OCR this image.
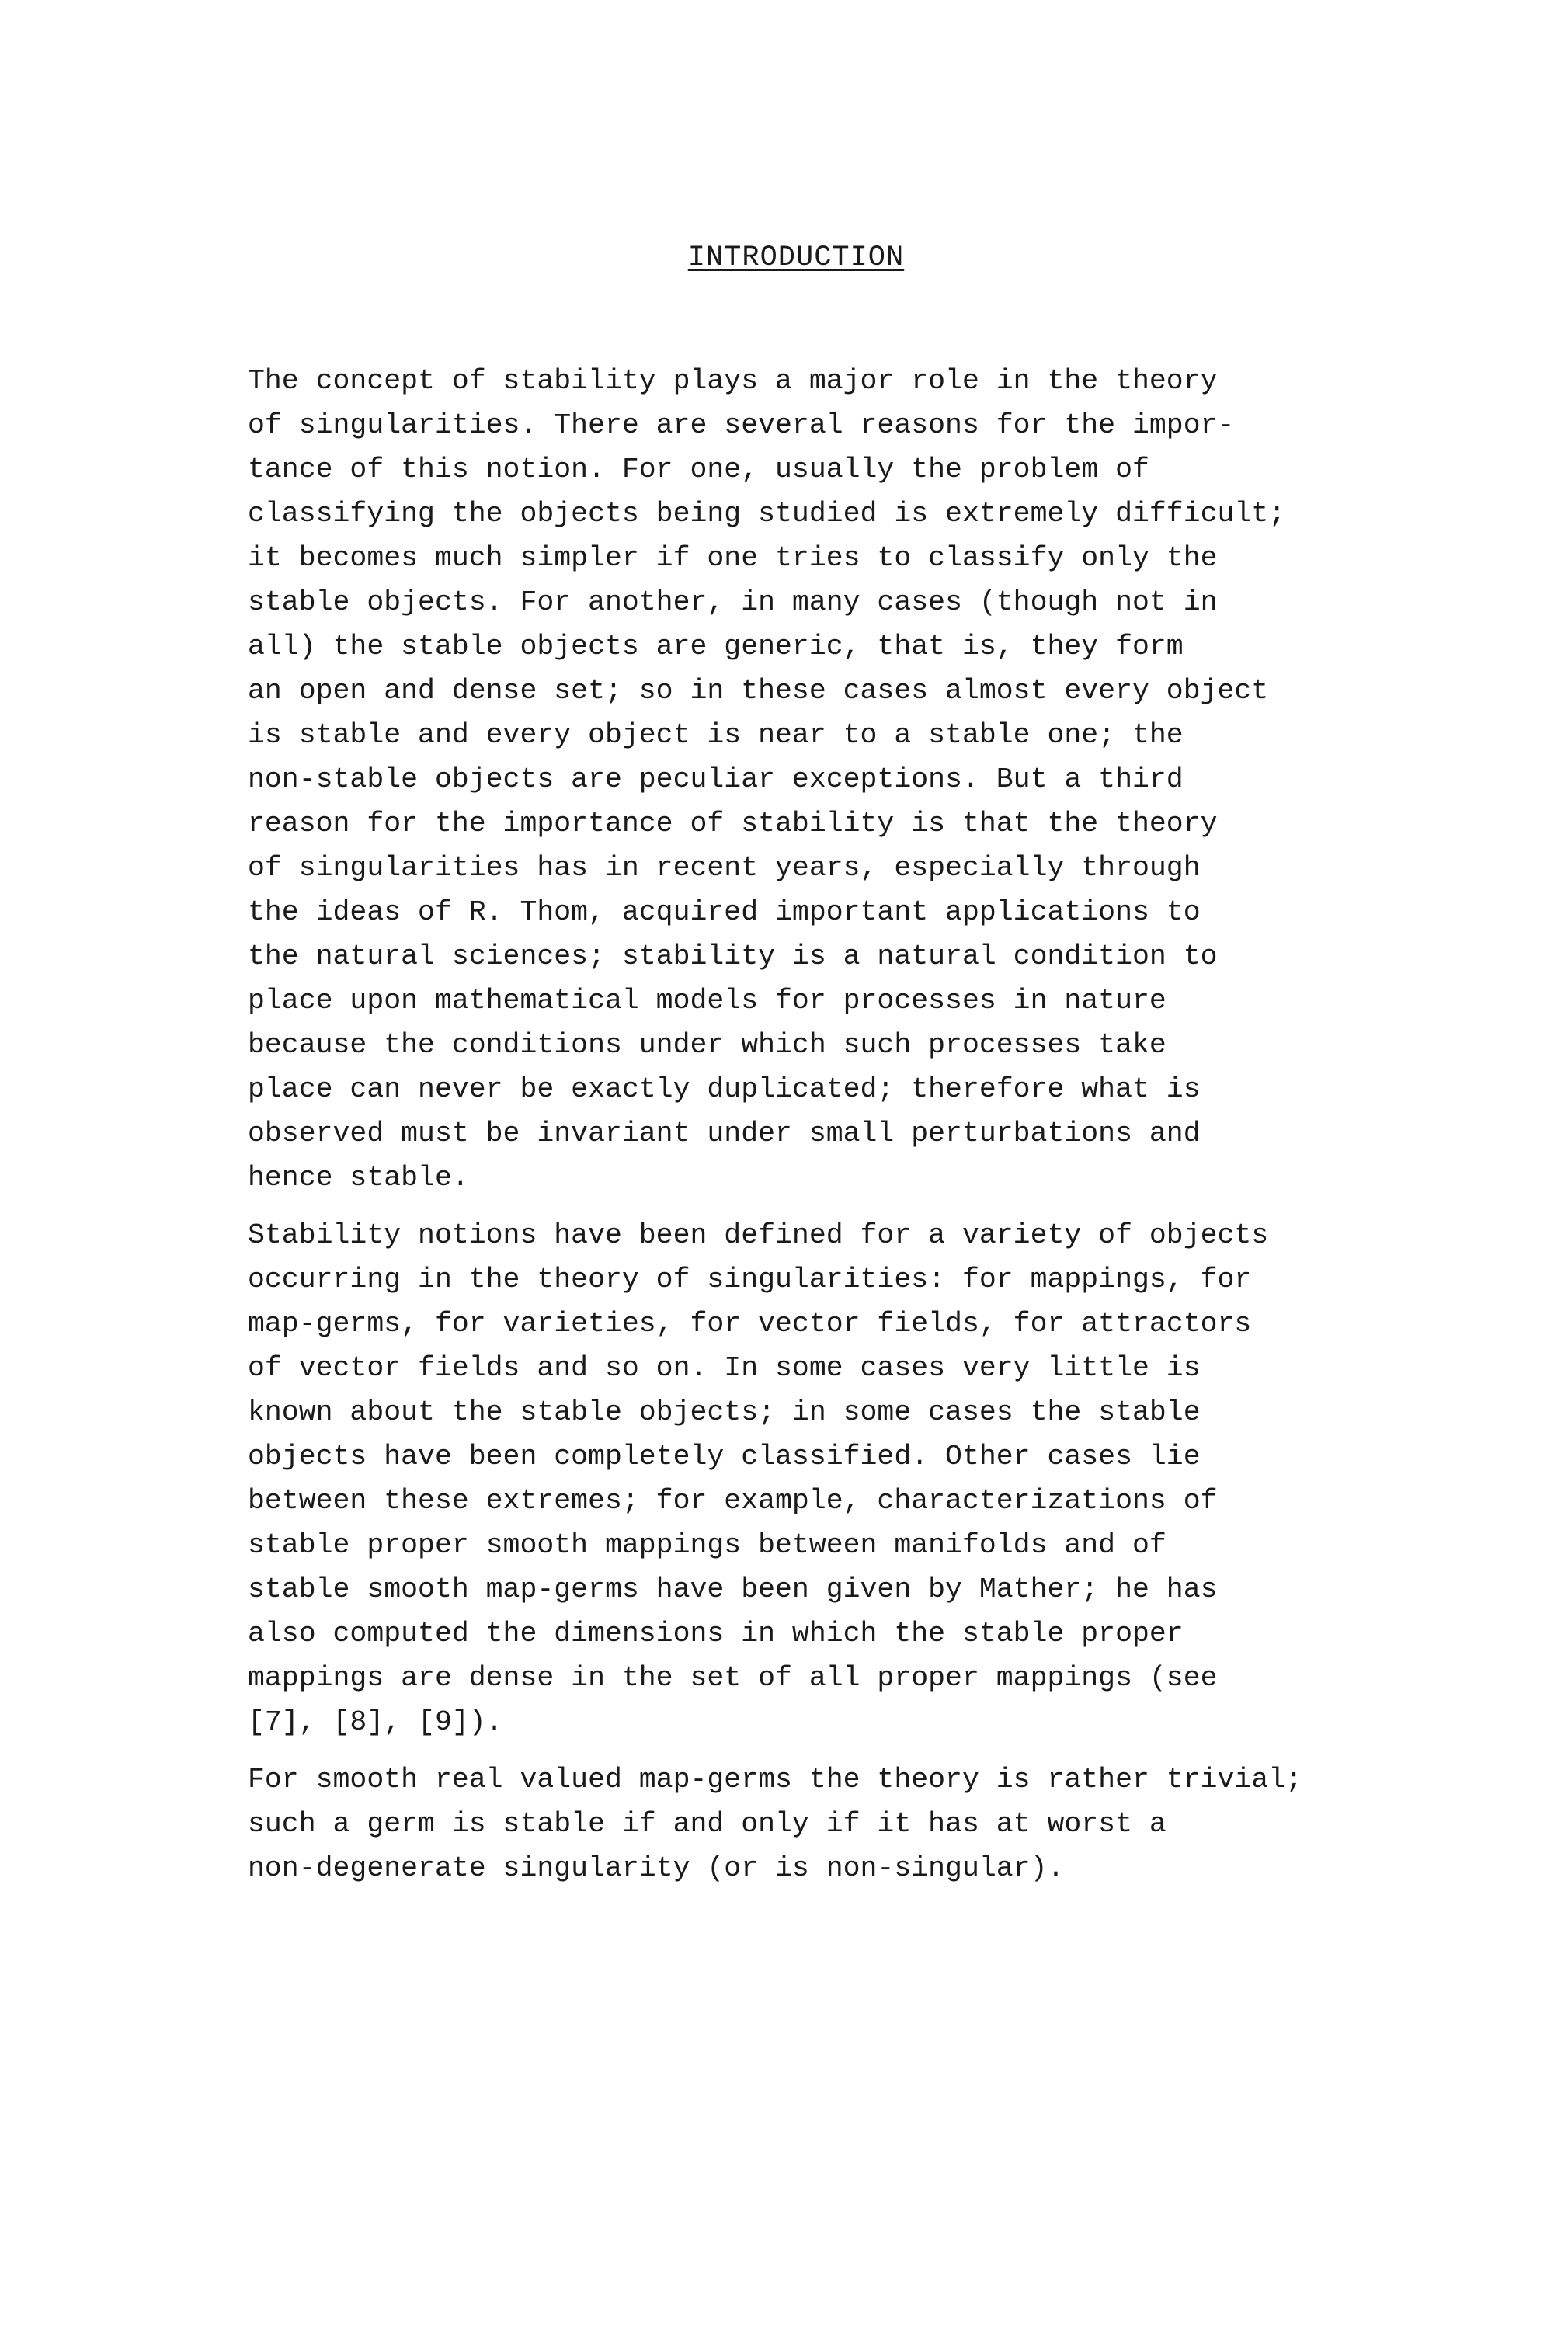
INTRODUCTION

The concept of stability plays a major role in the theory
of singularities. There are several reasons for the impor-
tance of this notion. For one, usually the problem of
classifying the objects being studied is extremely difficult;
it becomes much simpler if one tries to classify only the
stable objects. For another, in many cases (though not in
all) the stable objects are generic, that is, they form
an open and dense set; so in these cases almost every object
is stable and every object is near to a stable one; the
non-stable objects are peculiar exceptions. But a third
reason for the importance of stability is that the theory
of singularities has in recent years, especially through
the ideas of R. Thom, acquired important applications to
the natural sciences; stability is a natural condition to
place upon mathematical models for processes in nature
because the conditions under which such processes take
place can never be exactly duplicated; therefore what is
observed must be invariant under small perturbations and
hence stable.

Stability notions have been defined for a variety of objects
occurring in the theory of singularities: for mappings, for
map-germs, for varieties, for vector fields, for attractors
of vector fields and so on. In some cases very little is
known about the stable objects; in some cases the stable
objects have been completely classified. Other cases lie
between these extremes; for example, characterizations of
stable proper smooth mappings between manifolds and of
stable smooth map-germs have been given by Mather; he has
also computed the dimensions in which the stable proper
mappings are dense in the set of all proper mappings (see
[7], [8], [9]).

For smooth real valued map-germs the theory is rather trivial;
such a germ is stable if and only if it has at worst a
non-degenerate singularity (or is non-singular).
